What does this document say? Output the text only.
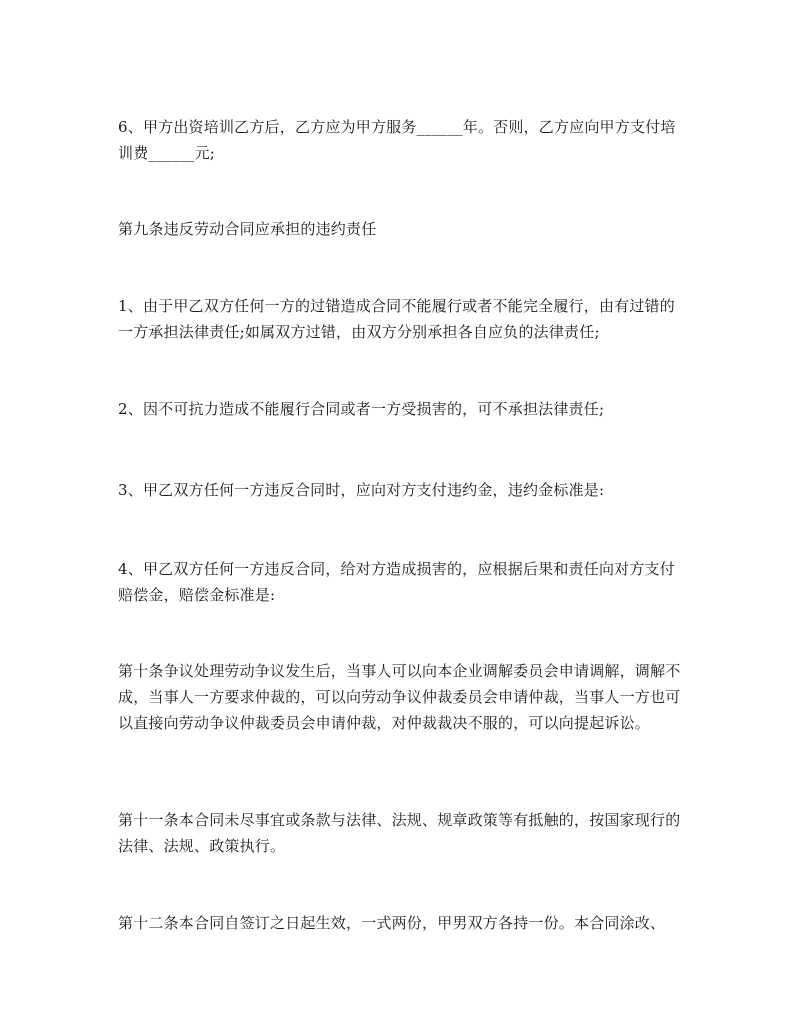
6、甲方出资培训乙方后，乙方应为甲方服务______年。否则，乙方应向甲方支付培训费______元;

第九条违反劳动合同应承担的违约责任

1、由于甲乙双方任何一方的过错造成合同不能履行或者不能完全履行，由有过错的一方承担法律责任;如属双方过错，由双方分别承担各自应负的法律责任;

2、因不可抗力造成不能履行合同或者一方受损害的，可不承担法律责任;

3、甲乙双方任何一方违反合同时，应向对方支付违约金，违约金标准是:

4、甲乙双方任何一方违反合同，给对方造成损害的，应根据后果和责任向对方支付赔偿金，赔偿金标准是:

第十条争议处理劳动争议发生后，当事人可以向本企业调解委员会申请调解，调解不成，当事人一方要求仲裁的，可以向劳动争议仲裁委员会申请仲裁，当事人一方也可以直接向劳动争议仲裁委员会申请仲裁，对仲裁裁决不服的，可以向提起诉讼。

第十一条本合同未尽事宜或条款与法律、法规、规章政策等有抵触的，按国家现行的法律、法规、政策执行。

第十二条本合同自签订之日起生效，一式两份，甲男双方各持一份。本合同涂改、
